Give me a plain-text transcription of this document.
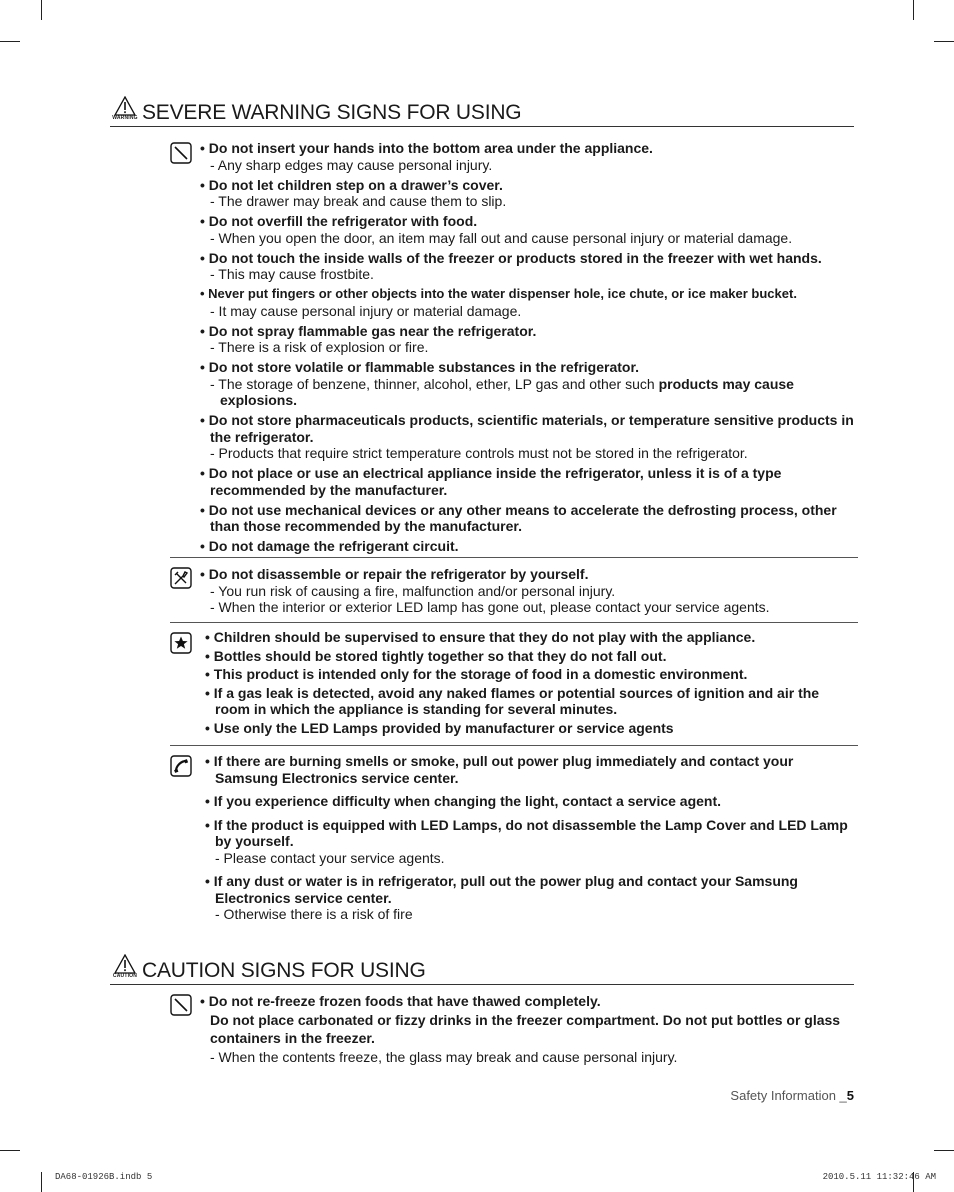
WARNING SEVERE WARNING SIGNS FOR USING
• Do not insert your hands into the bottom area under the appliance.
- Any sharp edges may cause personal injury.
• Do not let children step on a drawer’s cover.
- The drawer may break and cause them to slip.
• Do not overfill the refrigerator with food.
- When you open the door, an item may fall out and cause personal injury or material damage.
• Do not touch the inside walls of the freezer or products stored in the freezer with wet hands.
- This may cause frostbite.
• Never put fingers or other objects into the water dispenser hole, ice chute, or ice maker bucket.
- It may cause personal injury or material damage.
• Do not spray flammable gas near the refrigerator.
- There is a risk of explosion or fire.
• Do not store volatile or flammable substances in the refrigerator.
- The storage of benzene, thinner, alcohol, ether, LP gas and other such products may cause explosions.
• Do not store pharmaceuticals products, scientific materials, or temperature sensitive products in the refrigerator.
- Products that require strict temperature controls must not be stored in the refrigerator.
• Do not place or use an electrical appliance inside the refrigerator, unless it is of a type recommended by the manufacturer.
• Do not use mechanical devices or any other means to accelerate the defrosting process, other than those recommended by the manufacturer.
• Do not damage the refrigerant circuit.
• Do not disassemble or repair the refrigerator by yourself.
- You run risk of causing a fire, malfunction and/or personal injury.
- When the interior or exterior LED lamp has gone out, please contact your service agents.
• Children should be supervised to ensure that they do not play with the appliance.
• Bottles should be stored tightly together so that they do not fall out.
• This product is intended only for the storage of food in a domestic environment.
• If a gas leak is detected, avoid any naked flames or potential sources of ignition and air the room in which the appliance is standing for several minutes.
• Use only the LED Lamps provided by manufacturer or service agents
• If there are burning smells or smoke, pull out power plug immediately and contact your Samsung Electronics service center.
• If you experience difficulty when changing the light, contact a service agent.
• If the product is equipped with LED Lamps, do not disassemble the Lamp Cover and LED Lamp by yourself.
- Please contact your service agents.
• If any dust or water is in refrigerator, pull out the power plug and contact your Samsung Electronics service center.
- Otherwise there is a risk of fire
CAUTION CAUTION SIGNS FOR USING
• Do not re-freeze frozen foods that have thawed completely.
Do not place carbonated or fizzy drinks in the freezer compartment. Do not put bottles or glass containers in the freezer.
- When the contents freeze, the glass may break and cause personal injury.
Safety Information _5
DA68-01926B.indb 5	2010.5.11 11:32:46 AM
